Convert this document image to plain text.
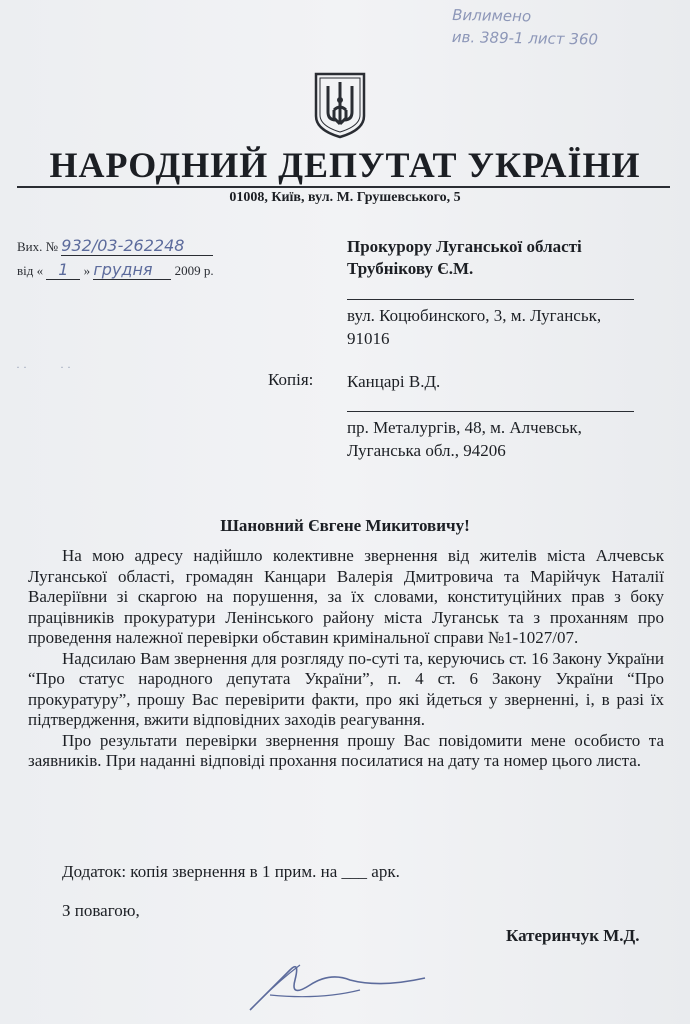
Вилимено
ив. 389-1 лист 360
НАРОДНИЙ ДЕПУТАТ УКРАЇНИ
01008, Київ, вул. М. Грушевського, 5
Вих. № 932/03-262248
від « 1 » грудня 2009 р.
Прокурору Луганської області
Трубнікову Є.М.
вул. Коцюбинского, 3, м. Луганськ,
91016
· ·           · ·
Копія: Канцарі В.Д.
пр. Металургів, 48, м. Алчевськ,
Луганська обл., 94206
Шановний Євгене Микитовичу!

На мою адресу надійшло колективне звернення від жителів міста Алчевськ Луганської області, громадян Канцари Валерія Дмитровича та Марійчук Наталії Валеріївни зі скаргою на порушення, за їх словами, конституційних прав з боку працівників прокуратури Ленінського району міста Луганськ та з проханням про проведення належної перевірки обставин кримінальної справи №1-1027/07.

Надсилаю Вам звернення для розгляду по-суті та, керуючись ст. 16 Закону України “Про статус народного депутата України”, п. 4 ст. 6 Закону України “Про прокуратуру”, прошу Вас перевірити факти, про які йдеться у зверненні, і, в разі їх підтвердження, вжити відповідних заходів реагування.

Про результати перевірки звернення прошу Вас повідомити мене особисто та заявників. При наданні відповіді прохання посилатися на дату та номер цього листа.

Додаток: копія звернення в 1 прим. на ___ арк.
З повагою,
Катеринчук М.Д.
